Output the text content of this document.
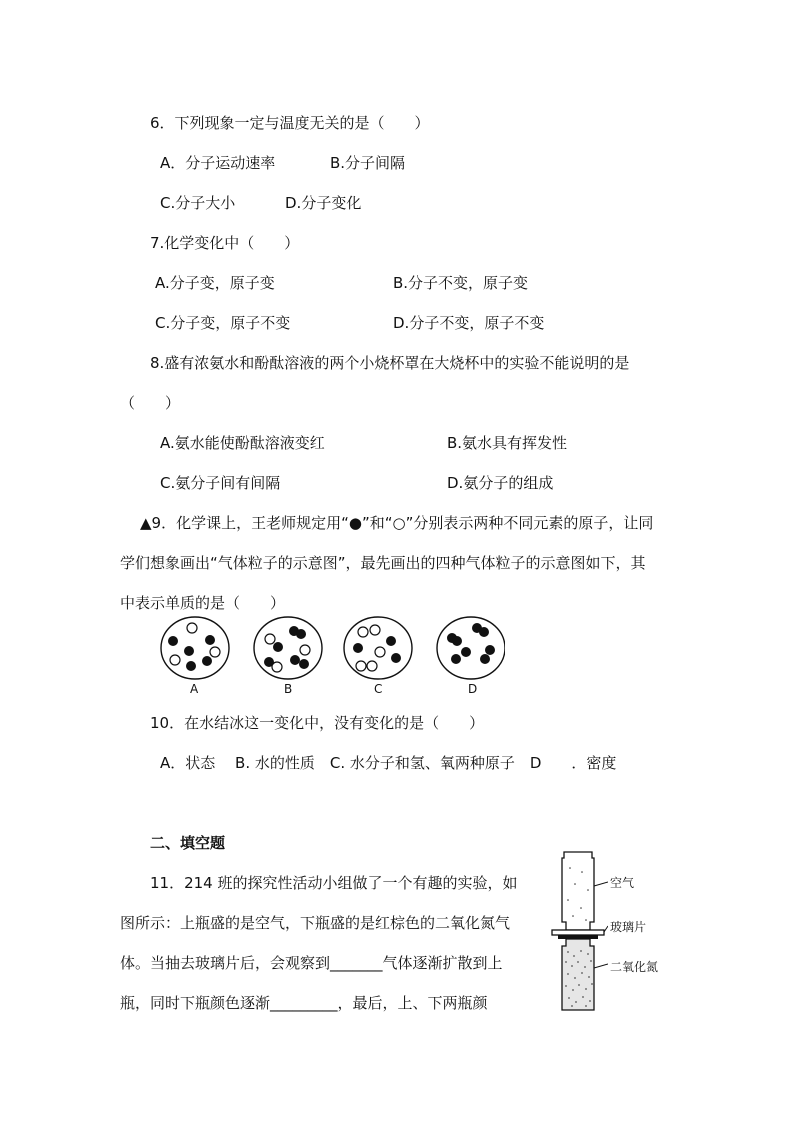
6．下列现象一定与温度无关的是（　　）
A．分子运动速率	B.分子间隔
C.分子大小	D.分子变化
7.化学变化中（　　）
A.分子变，原子变	B.分子不变，原子变
C.分子变，原子不变	D.分子不变，原子不变
8.盛有浓氨水和酚酞溶液的两个小烧杯罩在大烧杯中的实验不能说明的是
（　　）
A.氨水能使酚酞溶液变红	B.氨水具有挥发性
C.氨分子间有间隔	D.氨分子的组成
▲9．化学课上，王老师规定用“●”和“○”分别表示两种不同元素的原子，让同
学们想象画出“气体粒子的示意图”，最先画出的四种气体粒子的示意图如下，其
中表示单质的是（　　）
A	B	C	D
10．在水结冰这一变化中，没有变化的是（　　）
A．状态　 B. 水的性质　C. 水分子和氢、氧两种原子　D　　．密度
二、填空题
11．214 班的探究性活动小组做了一个有趣的实验，如
图所示：上瓶盛的是空气，下瓶盛的是红棕色的二氧化氮气
体。当抽去玻璃片后，会观察到_______气体逐渐扩散到上
瓶，同时下瓶颜色逐渐_________，最后，上、下两瓶颜
空气
玻璃片
二氧化氮
